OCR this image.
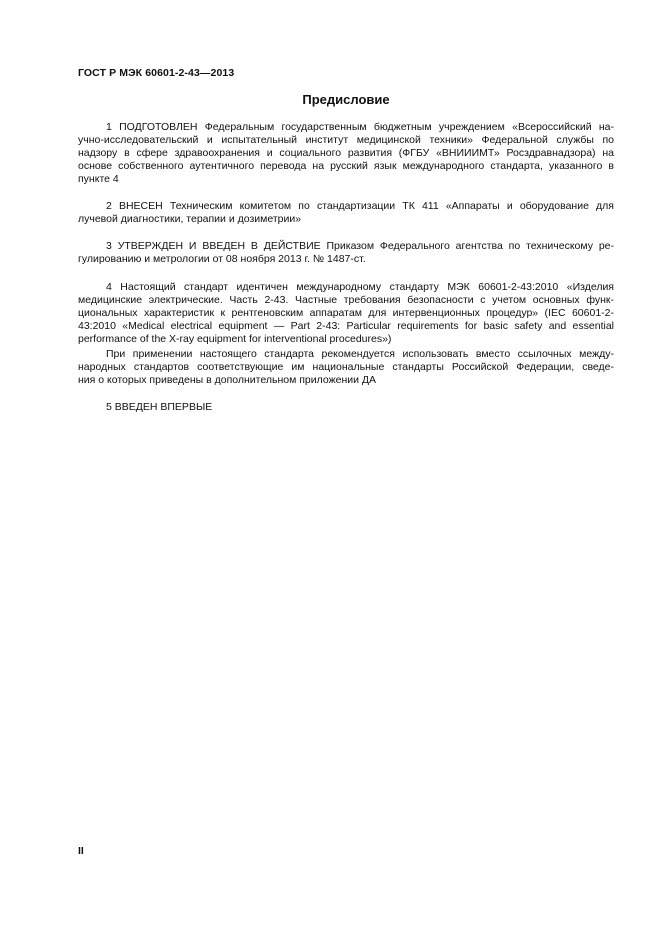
ГОСТ Р МЭК 60601-2-43—2013
Предисловие
1 ПОДГОТОВЛЕН Федеральным государственным бюджетным учреждением «Всероссийский на-
учно-исследовательский и испытательный институт медицинской техники» Федеральной службы по
надзору в сфере здравоохранения и социального развития (ФГБУ «ВНИИИМТ» Росздравнадзора) на
основе собственного аутентичного перевода на русский язык международного стандарта, указанного в
пункте 4
2 ВНЕСЕН Техническим комитетом по стандартизации ТК 411 «Аппараты и оборудование для
лучевой диагностики, терапии и дозиметрии»
3 УТВЕРЖДЕН И ВВЕДЕН В ДЕЙСТВИЕ Приказом Федерального агентства по техническому ре-
гулированию и метрологии от 08 ноября 2013 г. № 1487-ст.
4 Настоящий стандарт идентичен международному стандарту МЭК 60601-2-43:2010 «Изделия
медицинские электрические. Часть 2-43. Частные требования безопасности с учетом основных функ-
циональных характеристик к рентгеновским аппаратам для интервенционных процедур» (IEC 60601-2-
43:2010 «Medical electrical equipment — Part 2-43: Particular requirements for basic safety and essential
performance of the X-ray equipment for interventional procedures»)
При применении настоящего стандарта рекомендуется использовать вместо ссылочных между-
народных стандартов соответствующие им национальные стандарты Российской Федерации, сведе-
ния о которых приведены в дополнительном приложении ДА
5 ВВЕДЕН ВПЕРВЫЕ
II
